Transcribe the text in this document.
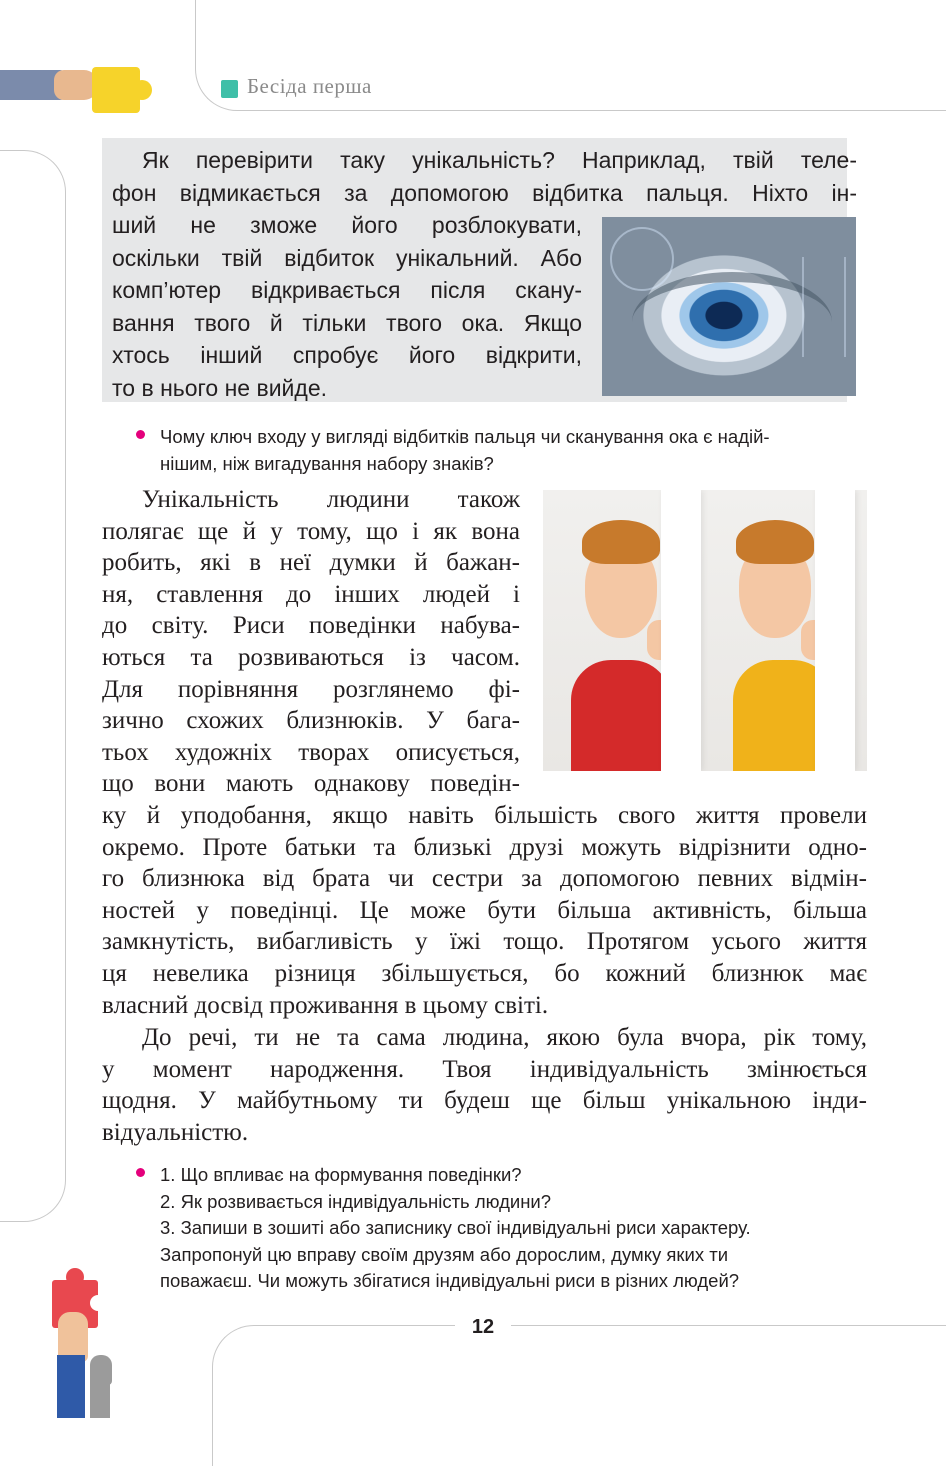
Бесіда перша
Як перевірити таку унікальність? Наприклад, твій теле-
фон відмикається за допомогою відбитка пальця. Ніхто ін-
ший не зможе його розблокувати,
оскільки твій відбиток унікальний. Або
комп’ютер відкривається після скану-
вання твого й тільки твого ока. Якщо
хтось інший спробує його відкрити,
то в нього не вийде.
Чому ключ входу у вигляді відбитків пальця чи сканування ока є надій-
нішим, ніж вигадування набору знаків?
Унікальність людини також
полягає ще й у тому, що і як вона
робить, які в неї думки й бажан-
ня, ставлення до інших людей і
до світу. Риси поведінки набува-
ються та розвиваються із часом.
Для порівняння розглянемо фі-
зично схожих близнюків. У бага-
тьох художніх творах описується,
що вони мають однакову поведін-
ку й уподобання, якщо навіть більшість свого життя провели
окремо. Проте батьки та близькі друзі можуть відрізнити одно-
го близнюка від брата чи сестри за допомогою певних відмін-
ностей у поведінці. Це може бути більша активність, більша
замкнутість, вибагливість у їжі тощо. Протягом усього життя
ця невелика різниця збільшується, бо кожний близнюк має
власний досвід проживання в цьому світі.
До речі, ти не та сама людина, якою була вчора, рік тому,
у момент народження. Твоя індивідуальність змінюється
щодня. У майбутньому ти будеш ще більш унікальною інди-
відуальністю.
1. Що впливає на формування поведінки?
2. Як розвивається індивідуальність людини?
3. Запиши в зошиті або записнику свої індивідуальні риси характеру.
Запропонуй цю вправу своїм друзям або дорослим, думку яких ти
поважаєш. Чи можуть збігатися індивідуальні риси в різних людей?
12
